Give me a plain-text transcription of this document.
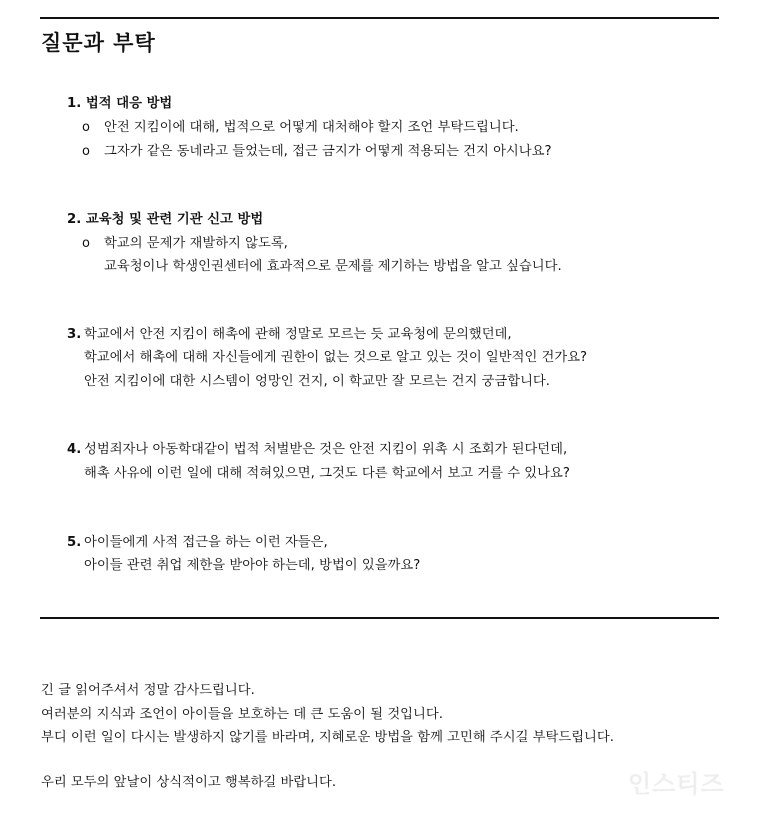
질문과 부탁
1. 법적 대응 방법
o 안전 지킴이에 대해, 법적으로 어떻게 대처해야 할지 조언 부탁드립니다.
o 그자가 같은 동네라고 들었는데, 접근 금지가 어떻게 적용되는 건지 아시나요?
2. 교육청 및 관련 기관 신고 방법
o 학교의 문제가 재발하지 않도록,
교육청이나 학생인권센터에 효과적으로 문제를 제기하는 방법을 알고 싶습니다.
3. 학교에서 안전 지킴이 해촉에 관해 정말로 모르는 듯 교육청에 문의했던데,
학교에서 해촉에 대해 자신들에게 권한이 없는 것으로 알고 있는 것이 일반적인 건가요?
안전 지킴이에 대한 시스템이 엉망인 건지, 이 학교만 잘 모르는 건지 궁금합니다.
4. 성범죄자나 아동학대같이 법적 처벌받은 것은 안전 지킴이 위촉 시 조회가 된다던데,
해촉 사유에 이런 일에 대해 적혀있으면, 그것도 다른 학교에서 보고 거를 수 있나요?
5. 아이들에게 사적 접근을 하는 이런 자들은,
아이들 관련 취업 제한을 받아야 하는데, 방법이 있을까요?
긴 글 읽어주셔서 정말 감사드립니다.
여러분의 지식과 조언이 아이들을 보호하는 데 큰 도움이 될 것입니다.
부디 이런 일이 다시는 발생하지 않기를 바라며, 지혜로운 방법을 함께 고민해 주시길 부탁드립니다.
우리 모두의 앞날이 상식적이고 행복하길 바랍니다.	인스티즈
